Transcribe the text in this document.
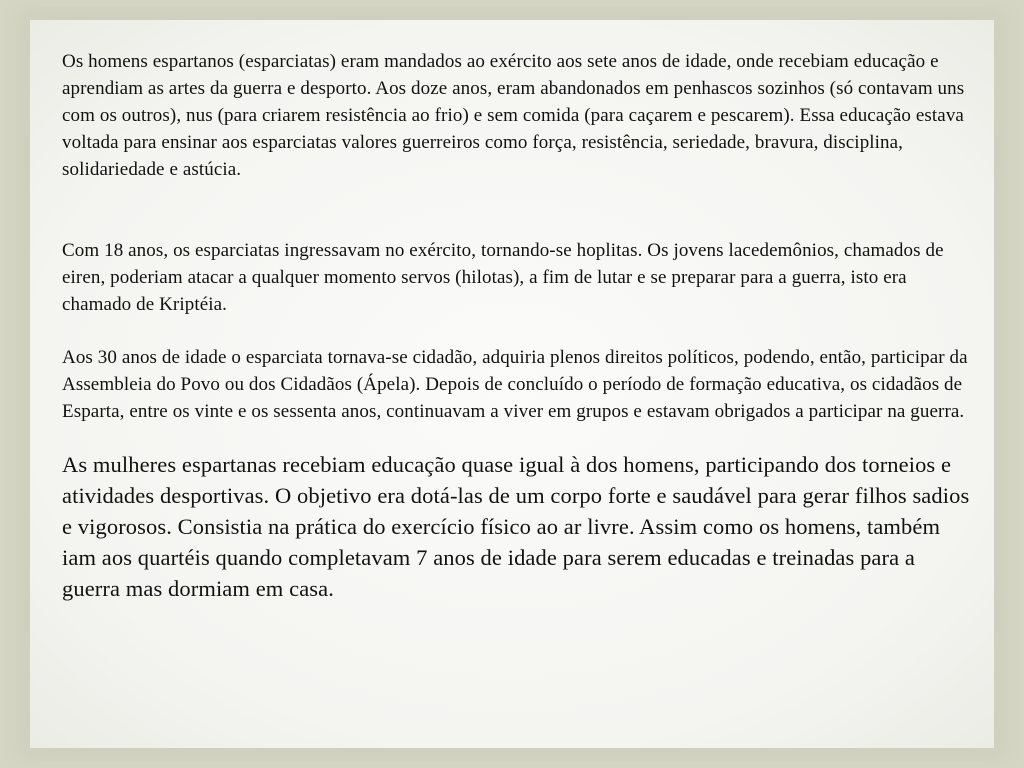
Os homens espartanos (esparciatas) eram mandados ao exército aos sete anos de idade, onde recebiam educação e aprendiam as artes da guerra e desporto. Aos doze anos, eram abandonados em penhascos sozinhos (só contavam uns com os outros), nus (para criarem resistência ao frio) e sem comida (para caçarem e pescarem). Essa educação estava voltada para ensinar aos esparciatas valores guerreiros como força, resistência, seriedade, bravura, disciplina, solidariedade e astúcia.

Com 18 anos, os esparciatas ingressavam no exército, tornando-se hoplitas. Os jovens lacedemônios, chamados de eiren, poderiam atacar a qualquer momento servos (hilotas), a fim de lutar e se preparar para a guerra, isto era chamado de Kriptéia.

Aos 30 anos de idade o esparciata tornava-se cidadão, adquiria plenos direitos políticos, podendo, então, participar da Assembleia do Povo ou dos Cidadãos (Ápela). Depois de concluído o período de formação educativa, os cidadãos de Esparta, entre os vinte e os sessenta anos, continuavam a viver em grupos e estavam obrigados a participar na guerra.

As mulheres espartanas recebiam educação quase igual à dos homens, participando dos torneios e atividades desportivas. O objetivo era dotá-las de um corpo forte e saudável para gerar filhos sadios e vigorosos. Consistia na prática do exercício físico ao ar livre. Assim como os homens, também iam aos quartéis quando completavam 7 anos de idade para serem educadas e treinadas para a guerra mas dormiam em casa.
